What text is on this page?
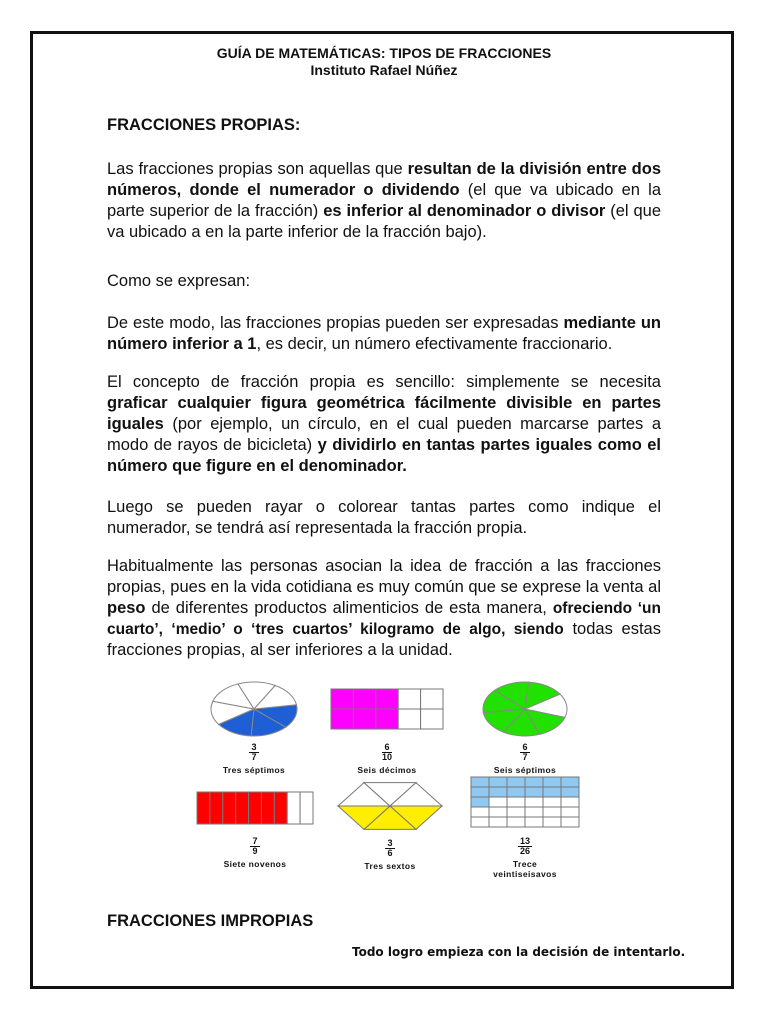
GUÍA DE MATEMÁTICAS: TIPOS DE FRACCIONES
Instituto Rafael Núñez
FRACCIONES PROPIAS:

Las fracciones propias son aquellas que resultan de la división entre dos números, donde el numerador o dividendo (el que va ubicado en la parte superior de la fracción) es inferior al denominador o divisor (el que va ubicado a en la parte inferior de la fracción bajo).

Como se expresan:

De este modo, las fracciones propias pueden ser expresadas mediante un número inferior a 1, es decir, un número efectivamente fraccionario.

El concepto de fracción propia es sencillo: simplemente se necesita graficar cualquier figura geométrica fácilmente divisible en partes iguales (por ejemplo, un círculo, en el cual pueden marcarse partes a modo de rayos de bicicleta) y dividirlo en tantas partes iguales como el número que figure en el denominador.

Luego se pueden rayar o colorear tantas partes como indique el numerador, se tendrá así representada la fracción propia.

Habitualmente las personas asocian la idea de fracción a las fracciones propias, pues en la vida cotidiana es muy común que se exprese la venta al peso de diferentes productos alimenticios de esta manera, ofreciendo ‘un cuarto’, ‘medio’ o ‘tres cuartos’ kilogramo de algo, siendo todas estas fracciones propias, al ser inferiores a la unidad.

$\frac{3}{7}$
Tres séptimos
$\frac{6}{10}$
Seis décimos

$\frac{6}{7}$
Seis séptimos
$\frac{7}{9}$
Siete novenos

$\frac{3}{6}$
Tres sextos
$\frac{13}{26}$
Trece
veintiseisavos
FRACCIONES IMPROPIAS
Todo logro empieza con la decisión de intentarlo.
